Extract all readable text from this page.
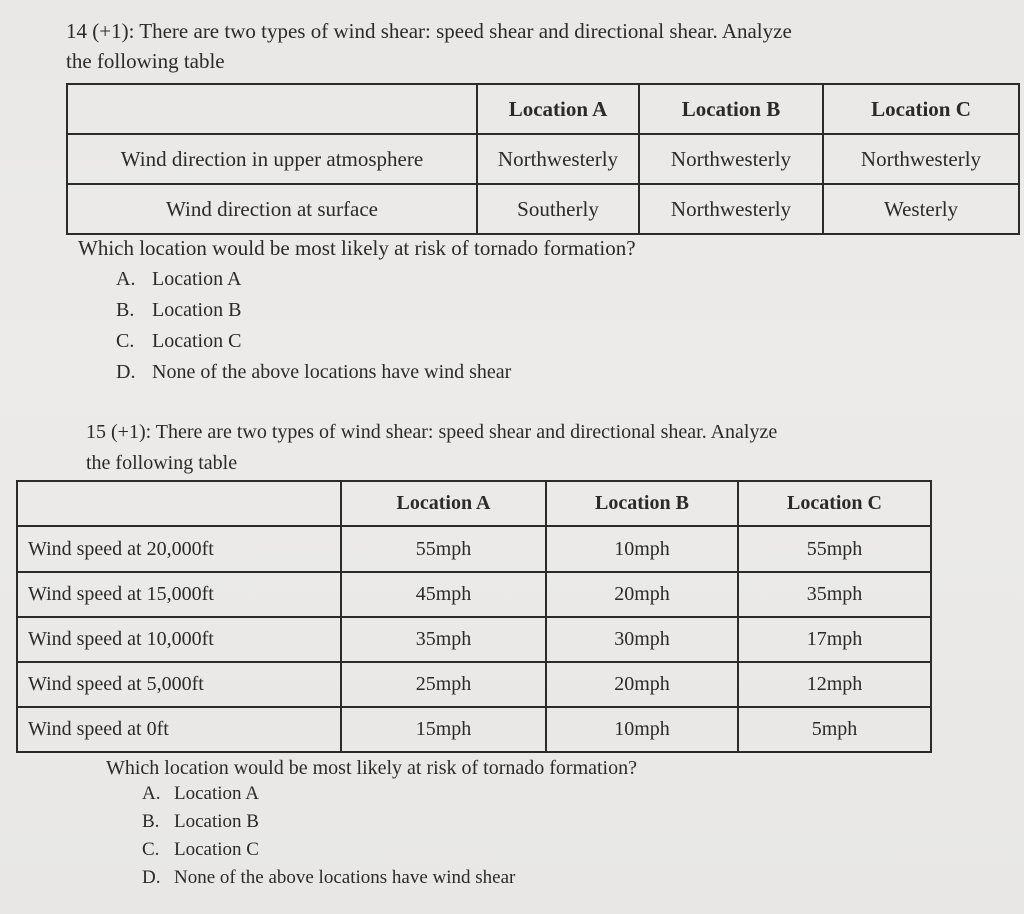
14 (+1): There are two types of wind shear: speed shear and directional shear. Analyze
the following table
	Location A	Location B	Location C
Wind direction in upper atmosphere	Northwesterly	Northwesterly	Northwesterly
Wind direction at surface	Southerly	Northwesterly	Westerly
Which location would be most likely at risk of tornado formation?
A. Location A
B. Location B
C. Location C
D. None of the above locations have wind shear
15 (+1): There are two types of wind shear: speed shear and directional shear. Analyze
the following table
	Location A	Location B	Location C
Wind speed at 20,000ft	55mph	10mph	55mph
Wind speed at 15,000ft	45mph	20mph	35mph
Wind speed at 10,000ft	35mph	30mph	17mph
Wind speed at 5,000ft	25mph	20mph	12mph
Wind speed at 0ft	15mph	10mph	5mph
Which location would be most likely at risk of tornado formation?
A. Location A
B. Location B
C. Location C
D. None of the above locations have wind shear
